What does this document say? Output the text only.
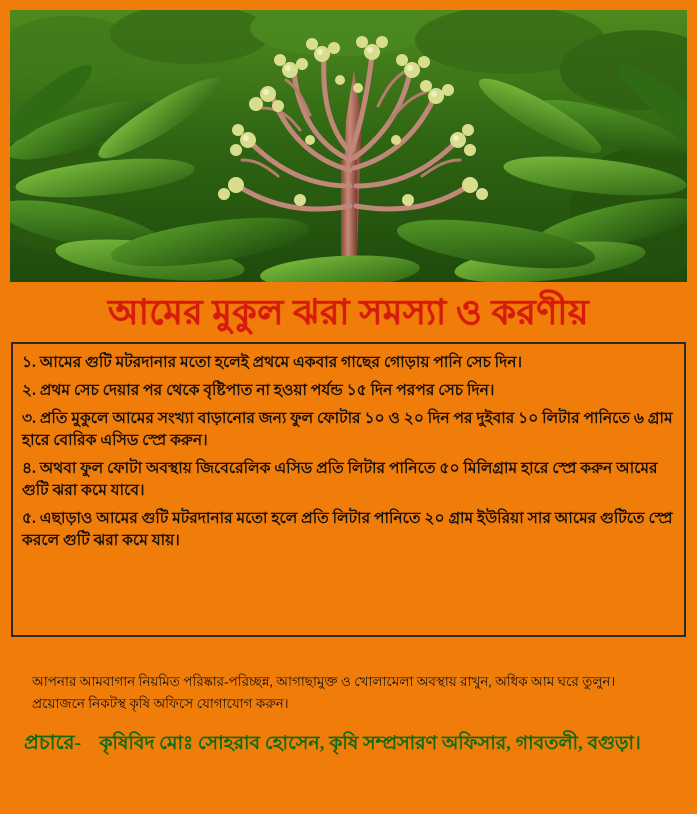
আমের মুকুল ঝরা সমস্যা ও করণীয়

১. আমের গুটি মটরদানার মতো হলেই প্রথমে একবার গাছের গোড়ায় পানি সেচ দিন।

২. প্রথম সেচ দেয়ার পর থেকে বৃষ্টিপাত না হওয়া পর্যন্ড ১৫ দিন পরপর সেচ দিন।

৩. প্রতি মুকুলে আমের সংখ্যা বাড়ানোর জন্য ফুল ফোটার ১০ ও ২০ দিন পর দুইবার ১০ লিটার পানিতে ৬ গ্রাম হারে বোরিক এসিড স্প্রে করুন।

৪. অথবা ফুল ফোটা অবস্থায় জিবেরেলিক এসিড প্রতি লিটার পানিতে ৫০ মিলিগ্রাম হারে স্প্রে করুন আমের গুটি ঝরা কমে যাবে।

৫. এছাড়াও আমের গুটি মটরদানার মতো হলে প্রতি লিটার পানিতে ২০ গ্রাম ইউরিয়া সার আমের গুটিতে স্প্রে করলে গুটি ঝরা কমে যায়।

আপনার আমবাগান নিয়মিত পরিষ্কার-পরিচ্ছন্ন, আগাছামুক্ত ও খোলামেলা অবস্থায় রাখুন, অধিক আম ঘরে তুলুন।
প্রয়োজনে নিকটস্থ কৃষি অফিসে যোগাযোগ করুন।
প্রচারে- কৃষিবিদ মোঃ সোহরাব হোসেন, কৃষি সম্প্রসারণ অফিসার, গাবতলী, বগুড়া।
